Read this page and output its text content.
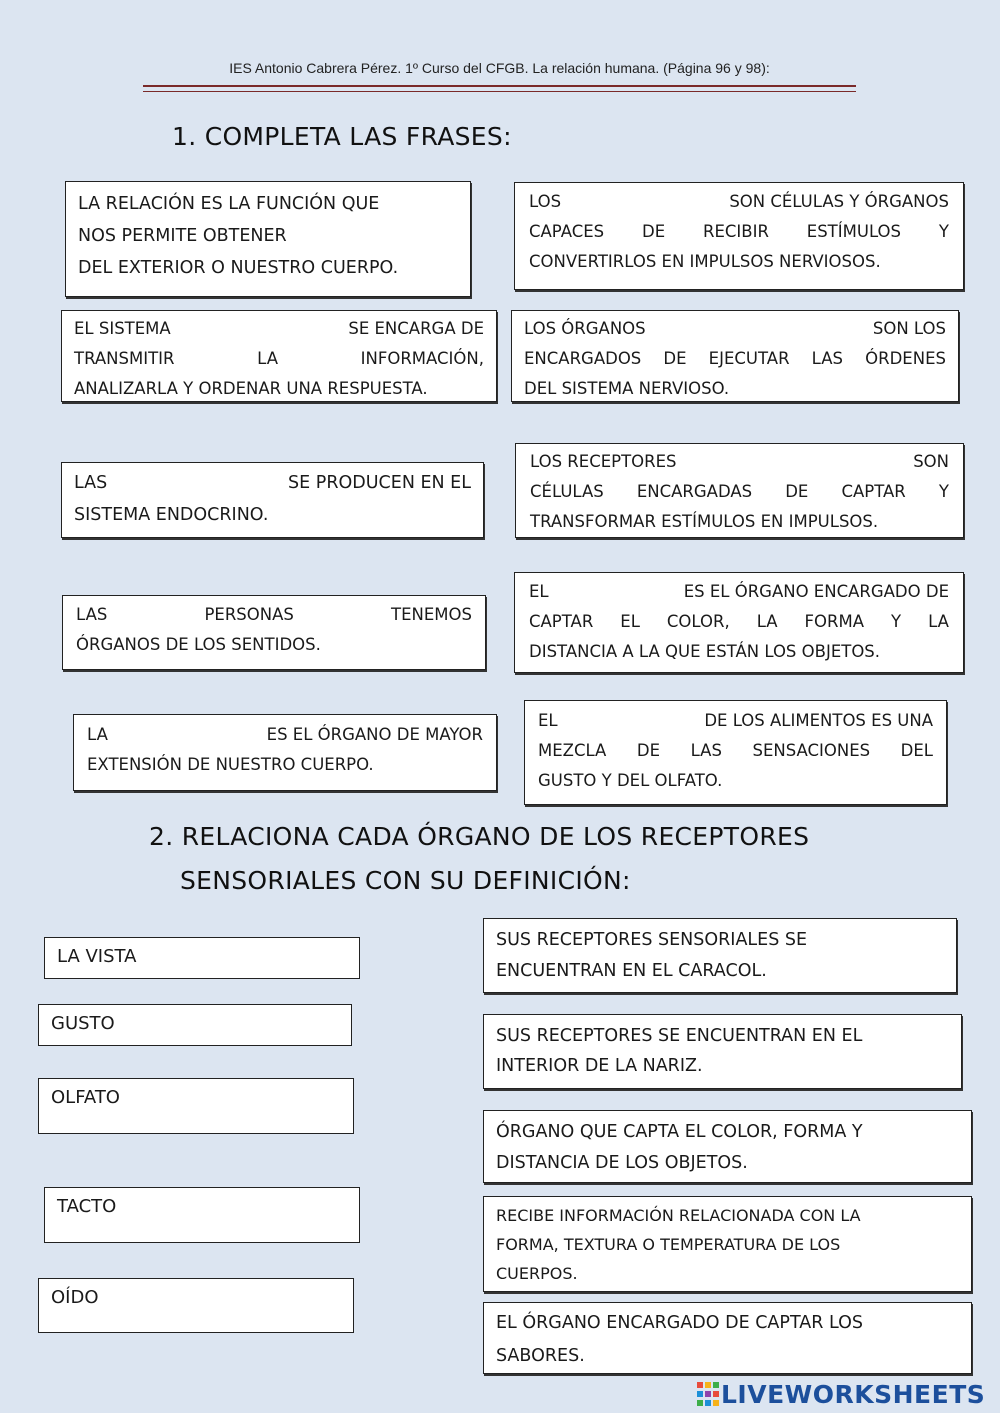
IES Antonio Cabrera Pérez. 1º Curso del CFGB. La relación humana. (Página 96 y 98):
1. COMPLETA LAS FRASES:
LA RELACIÓN ES LA FUNCIÓN QUE
NOS PERMITE OBTENER
DEL EXTERIOR O NUESTRO CUERPO.
LOS	SON CÉLULAS Y ÓRGANOS
CAPACES DE RECIBIR ESTÍMULOS Y
CONVERTIRLOS EN IMPULSOS NERVIOSOS.
EL SISTEMA	SE ENCARGA DE
TRANSMITIR	LA	INFORMACIÓN,
ANALIZARLA Y ORDENAR UNA RESPUESTA.
LOS ÓRGANOS	SON LOS
ENCARGADOS DE EJECUTAR LAS ÓRDENES
DEL SISTEMA NERVIOSO.
LAS	SE PRODUCEN EN EL
SISTEMA ENDOCRINO.
LOS RECEPTORES	SON
CÉLULAS ENCARGADAS DE CAPTAR Y
TRANSFORMAR ESTÍMULOS EN IMPULSOS.
LAS	PERSONAS	TENEMOS
ÓRGANOS DE LOS SENTIDOS.
EL	ES EL ÓRGANO ENCARGADO DE
CAPTAR EL COLOR, LA FORMA Y LA
DISTANCIA A LA QUE ESTÁN LOS OBJETOS.
LA	ES EL ÓRGANO DE MAYOR
EXTENSIÓN DE NUESTRO CUERPO.
EL	DE LOS ALIMENTOS ES UNA
MEZCLA DE LAS SENSACIONES DEL
GUSTO Y DEL OLFATO.
2. RELACIONA CADA ÓRGANO DE LOS RECEPTORES
SENSORIALES CON SU DEFINICIÓN:
LA VISTA
GUSTO
OLFATO
TACTO
OÍDO
SUS RECEPTORES SENSORIALES SE
ENCUENTRAN EN EL CARACOL.
SUS RECEPTORES SE ENCUENTRAN EN EL
INTERIOR DE LA NARIZ.
ÓRGANO QUE CAPTA EL COLOR, FORMA Y
DISTANCIA DE LOS OBJETOS.
RECIBE INFORMACIÓN RELACIONADA CON LA
FORMA, TEXTURA O TEMPERATURA DE LOS
CUERPOS.
EL ÓRGANO ENCARGADO DE CAPTAR LOS
SABORES.
LIVEWORKSHEETS
